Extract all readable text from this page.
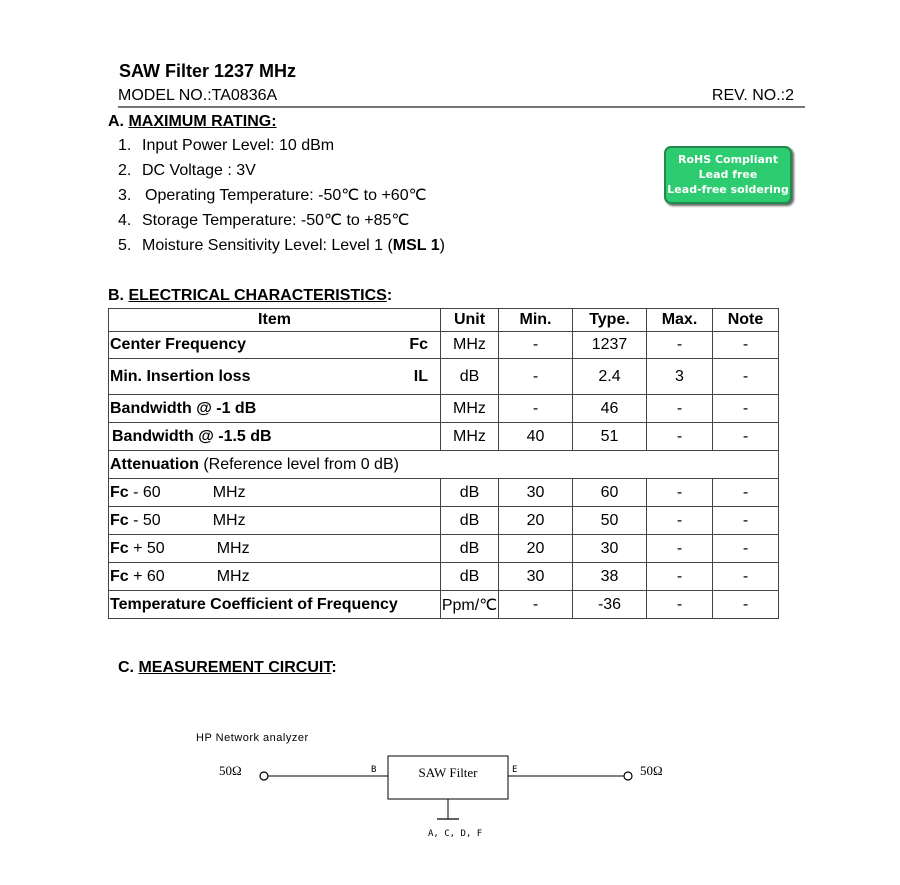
SAW Filter 1237 MHz
MODEL NO.:TA0836A	REV. NO.:2
A. MAXIMUM RATING:
1. Input Power Level: 10 dBm
2. DC Voltage : 3V
3. Operating Temperature: -50℃ to +60℃
4. Storage Temperature: -50℃ to +85℃
5. Moisture Sensitivity Level: Level 1 (MSL 1)
RoHS Compliant
Lead free
Lead-free soldering
B. ELECTRICAL CHARACTERISTICS:
Item	Unit	Min.	Type.	Max.	Note

Center Frequency Fc	MHz	-	1237	-	-

Min. Insertion loss IL	dB	-	2.4	3	-
Bandwidth @ -1 dB	MHz	-	46	-	-
Bandwidth @ -1.5 dB	MHz	40	51	-	-
Attenuation (Reference level from 0 dB)					
Fc - 60 MHz	dB	30	60	-	-
Fc - 50 MHz	dB	20	50	-	-
Fc + 50 MHz	dB	20	30	-	-
Fc + 60 MHz	dB	30	38	-	-
Temperature Coefficient of Frequency	Ppm/℃	-	-36	-	-
C. MEASUREMENT CIRCUIT:
HP Network analyzer
50Ω	B	SAW Filter	E	50Ω
A, C, D, F
